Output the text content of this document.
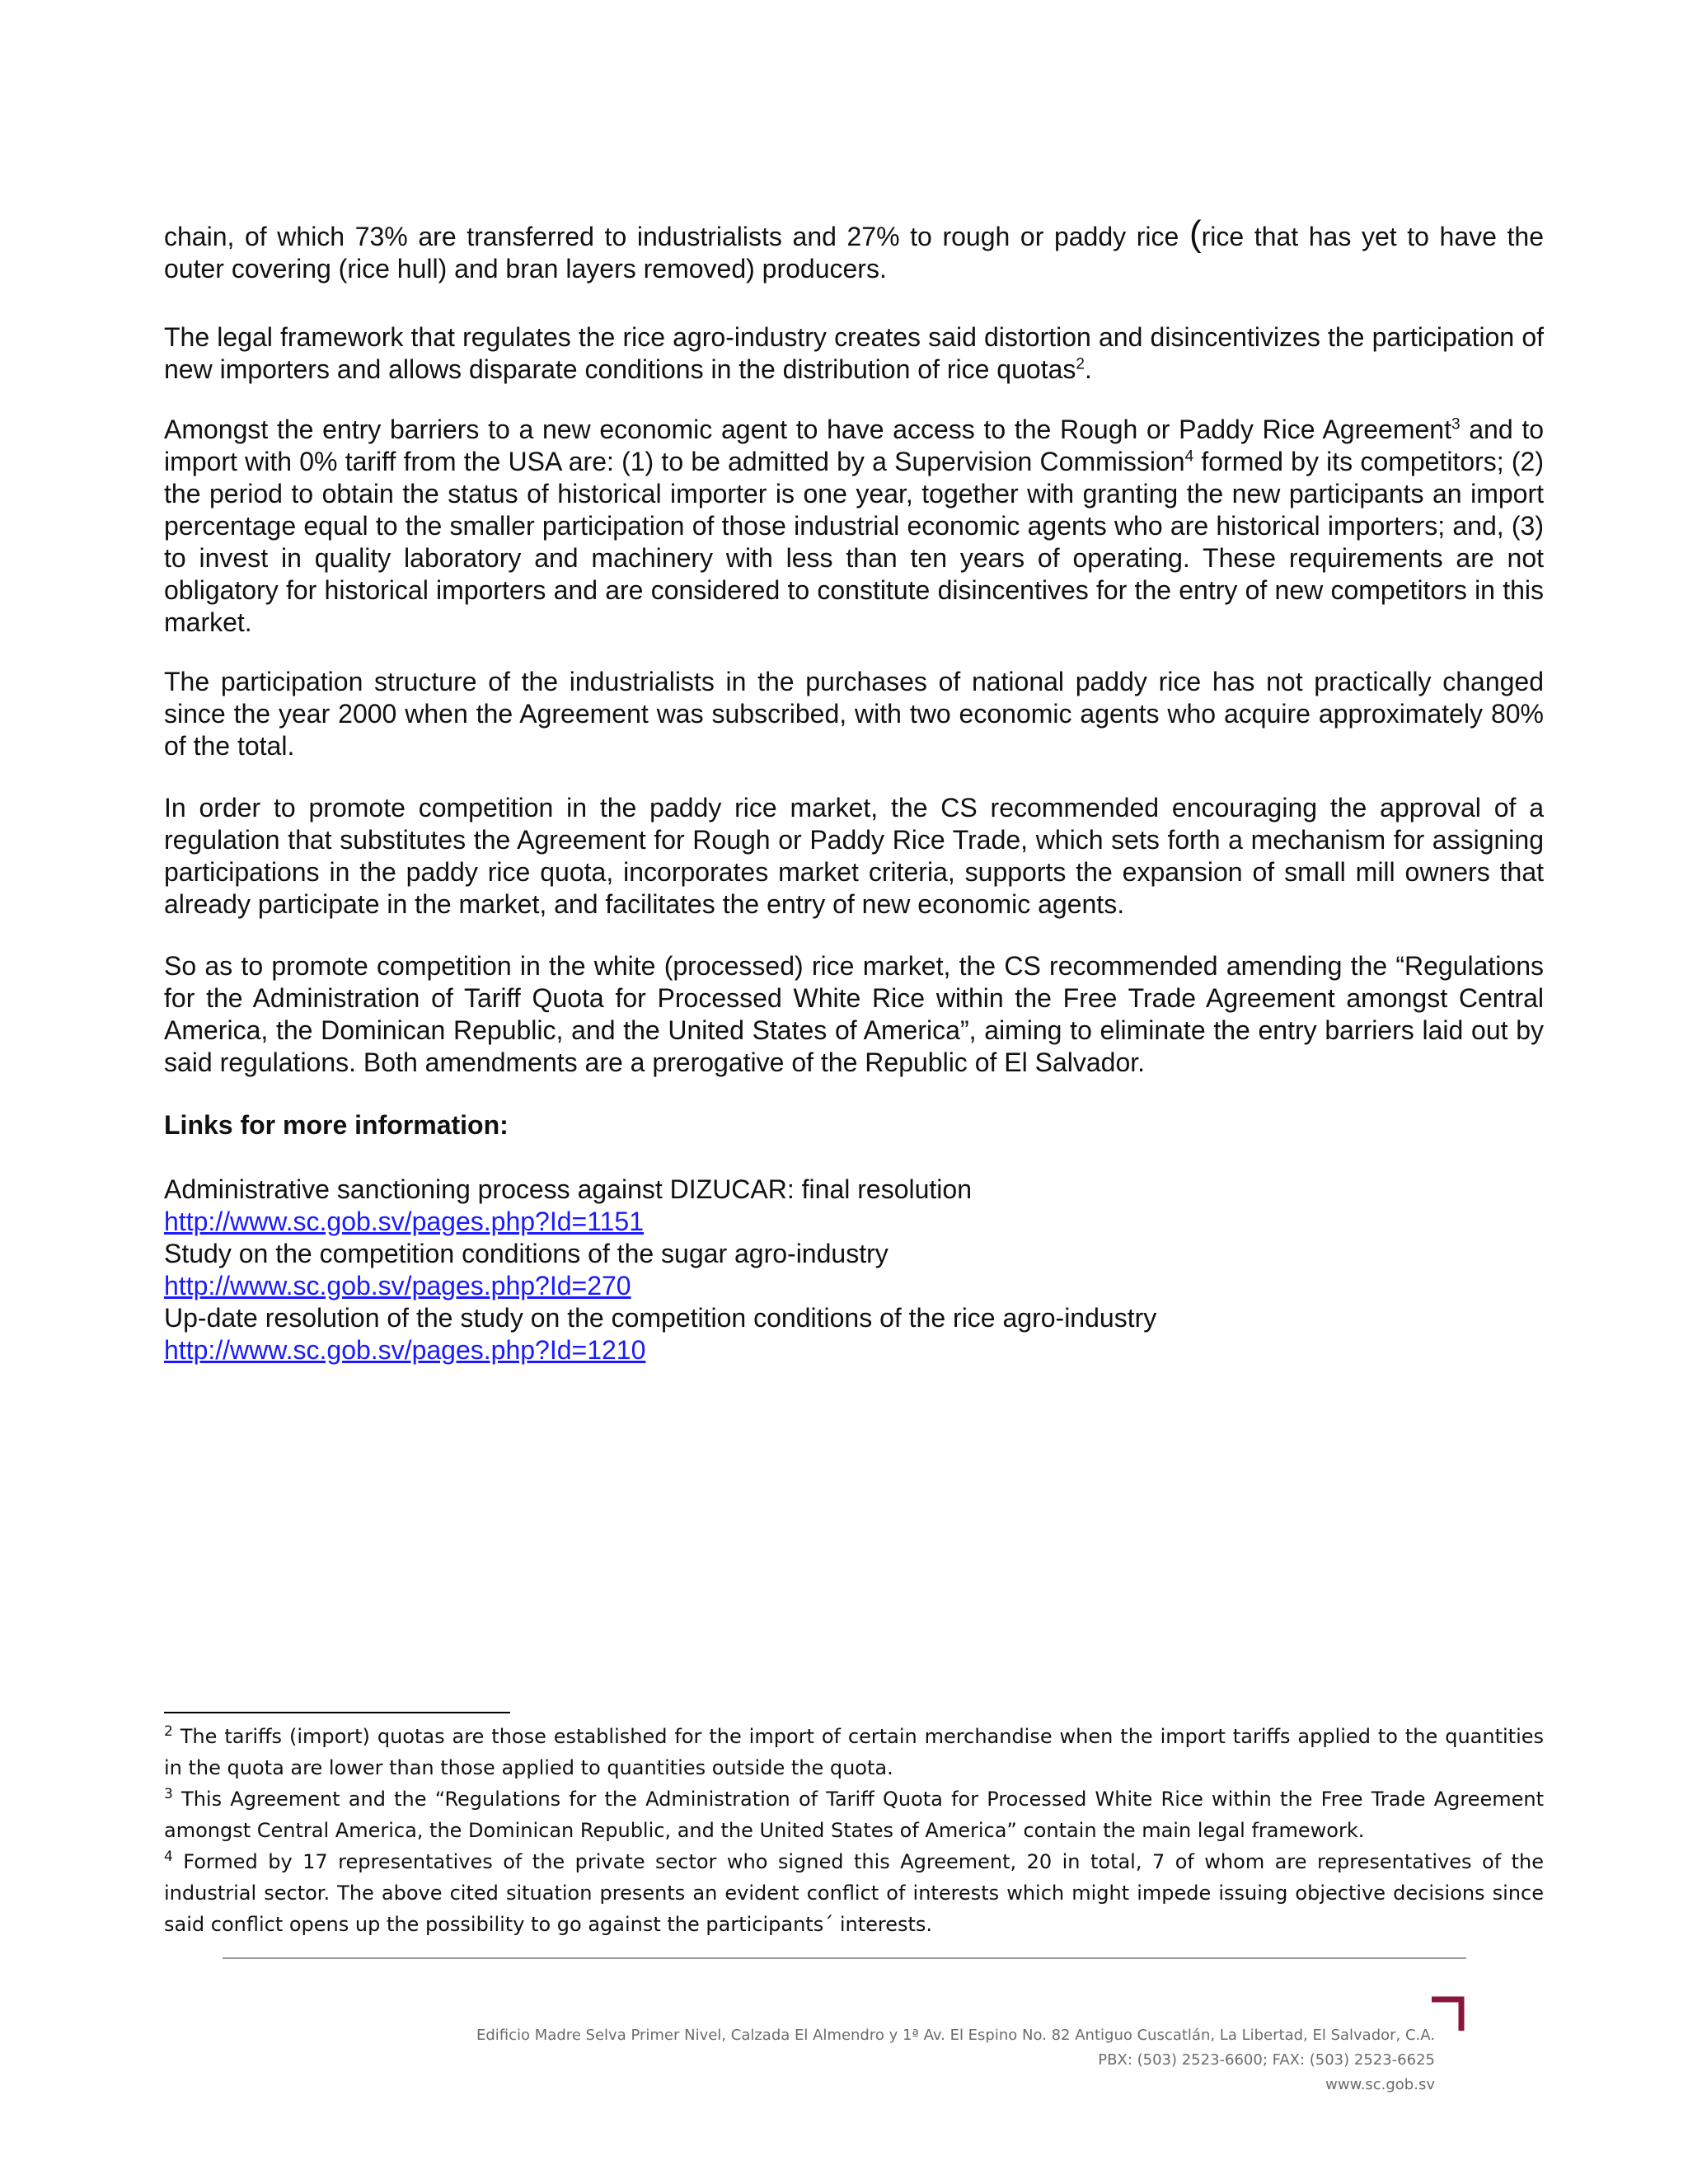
chain, of which 73% are transferred to industrialists and 27% to rough or paddy rice (rice that has yet to have the outer covering (rice hull) and bran layers removed) producers.

The legal framework that regulates the rice agro-industry creates said distortion and disincentivizes the participation of new importers and allows disparate conditions in the distribution of rice quotas$^2$.

Amongst the entry barriers to a new economic agent to have access to the Rough or Paddy Rice Agreement$^3$ and to import with 0% tariff from the USA are: (1) to be admitted by a Supervision Commission$^4$ formed by its competitors; (2) the period to obtain the status of historical importer is one year, together with granting the new participants an import percentage equal to the smaller participation of those industrial economic agents who are historical importers; and, (3) to invest in quality laboratory and machinery with less than ten years of operating. These requirements are not obligatory for historical importers and are considered to constitute disincentives for the entry of new competitors in this market.

The participation structure of the industrialists in the purchases of national paddy rice has not practically changed since the year 2000 when the Agreement was subscribed, with two economic agents who acquire approximately 80% of the total.

In order to promote competition in the paddy rice market, the CS recommended encouraging the approval of a regulation that substitutes the Agreement for Rough or Paddy Rice Trade, which sets forth a mechanism for assigning participations in the paddy rice quota, incorporates market criteria, supports the expansion of small mill owners that already participate in the market, and facilitates the entry of new economic agents.

So as to promote competition in the white (processed) rice market, the CS recommended amending the “Regulations for the Administration of Tariff Quota for Processed White Rice within the Free Trade Agreement amongst Central America, the Dominican Republic, and the United States of America”, aiming to eliminate the entry barriers laid out by said regulations. Both amendments are a prerogative of the Republic of El Salvador.

Links for more information:

Administrative sanctioning process against DIZUCAR: final resolution
http://www.sc.gob.sv/pages.php?Id=1151
Study on the competition conditions of the sugar agro-industry
http://www.sc.gob.sv/pages.php?Id=270
Up-date resolution of the study on the competition conditions of the rice agro-industry
http://www.sc.gob.sv/pages.php?Id=1210

$^2$ The tariffs (import) quotas are those established for the import of certain merchandise when the import tariffs applied to the quantities in the quota are lower than those applied to quantities outside the quota.

$^3$ This Agreement and the “Regulations for the Administration of Tariff Quota for Processed White Rice within the Free Trade Agreement amongst Central America, the Dominican Republic, and the United States of America” contain the main legal framework.

$^4$ Formed by 17 representatives of the private sector who signed this Agreement, 20 in total, 7 of whom are representatives of the industrial sector. The above cited situation presents an evident conflict of interests which might impede issuing objective decisions since said conflict opens up the possibility to go against the participants´ interests.

Edificio Madre Selva Primer Nivel, Calzada El Almendro y 1ª Av. El Espino No. 82 Antiguo Cuscatlán, La Libertad, El Salvador, C.A.
PBX: (503) 2523-6600; FAX: (503) 2523-6625
www.sc.gob.sv
